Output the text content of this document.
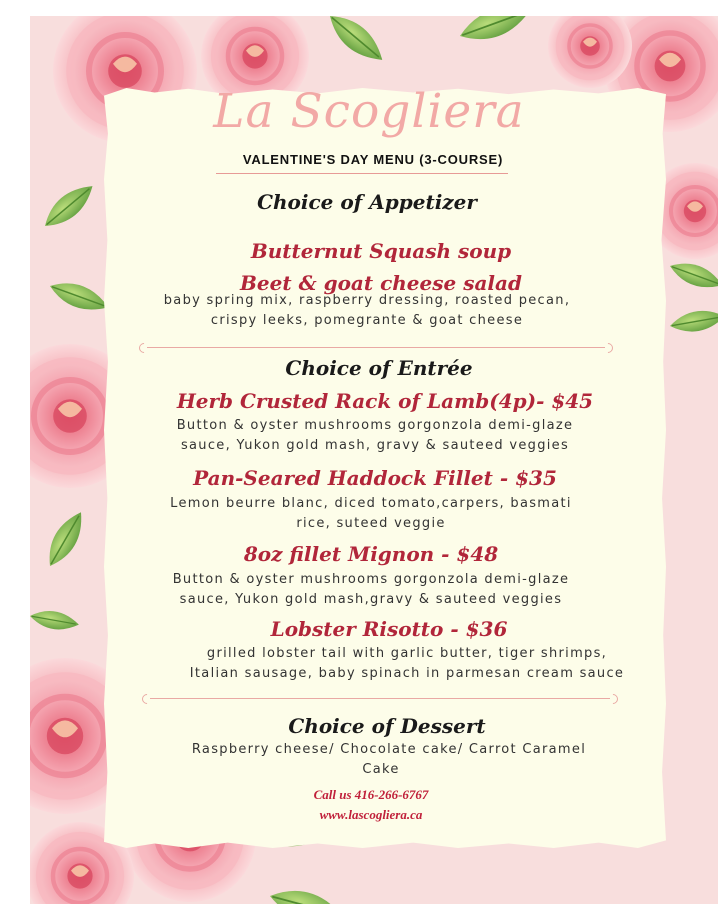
La Scogliera
VALENTINE'S DAY MENU (3-COURSE)
Choice of Appetizer
Butternut Squash soup
Beet & goat cheese salad
baby spring mix, raspberry dressing, roasted pecan,
crispy leeks, pomegrante & goat cheese
Choice of Entrée
Herb Crusted Rack of Lamb(4p)- $45
Button & oyster mushrooms gorgonzola demi-glaze
sauce, Yukon gold mash, gravy & sauteed veggies
Pan-Seared Haddock Fillet - $35
Lemon beurre blanc, diced tomato,carpers, basmati
rice, suteed veggie
8oz fillet Mignon - $48
Button & oyster mushrooms gorgonzola demi-glaze
sauce, Yukon gold mash,gravy & sauteed veggies
Lobster Risotto - $36
grilled lobster tail with garlic butter, tiger shrimps,
Italian sausage, baby spinach in parmesan cream sauce
Choice of Dessert
Raspberry cheese/ Chocolate cake/ Carrot Caramel
Cake
Call us 416-266-6767
www.lascogliera.ca
